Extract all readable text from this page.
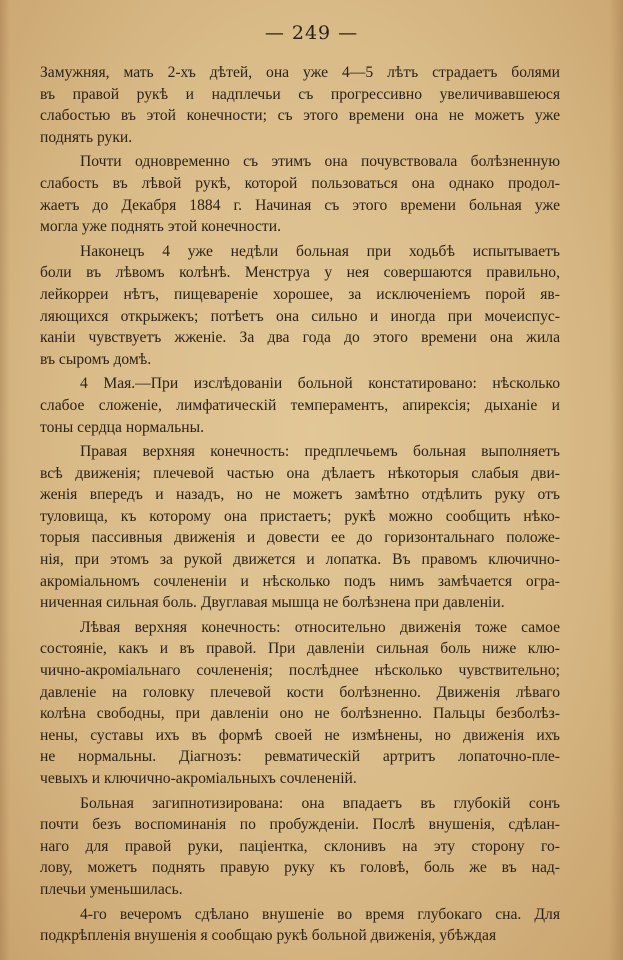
— 249 —
Замужняя, мать 2-хъ дѣтей, она уже 4—5 лѣтъ страдаетъ болями
въ правой рукѣ и надплечьи съ прогрессивно увеличивавшеюся
слабостью въ этой конечности; съ этого времени она не можетъ уже
поднять руки.
Почти одновременно съ этимъ она почувствовала болѣзненную
слабость въ лѣвой рукѣ, которой пользоваться она однако продол-
жаетъ до Декабря 1884 г. Начиная съ этого времени больная уже
могла уже поднять этой конечности.
Наконецъ 4 уже недѣли больная при ходьбѣ испытываетъ
боли въ лѣвомъ колѣнѣ. Менструа у нея совершаются правильно,
лейкорреи нѣтъ, пищевареніе хорошее, за исключеніемъ порой яв-
ляющихся открыжекъ; потѣетъ она сильно и иногда при мочеиспус-
каніи чувствуетъ жженіе. За два года до этого времени она жила
въ сыромъ домѣ.
4 Мая.—При изслѣдованіи больной констатировано: нѣсколько
слабое сложеніе, лимфатическій темпераментъ, апирексія; дыханіе и
тоны сердца нормальны.
Правая верхняя конечность: предплечьемъ больная выполняетъ
всѣ движенія; плечевой частью она дѣлаетъ нѣкоторыя слабыя дви-
женія впередъ и назадъ, но не можетъ замѣтно отдѣлить руку отъ
туловища, къ которому она пристаетъ; рукѣ можно сообщить нѣко-
торыя пассивныя движенія и довести ее до горизонтальнаго положе-
нія, при этомъ за рукой движется и лопатка. Въ правомъ ключично-
акроміальномъ сочлененіи и нѣсколько подъ нимъ замѣчается огра-
ниченная сильная боль. Двуглавая мышца не болѣзнена при давленіи.
Лѣвая верхняя конечность: относительно движенія тоже самое
состояніе, какъ и въ правой. При давленіи сильная боль ниже клю-
чично-акроміальнаго сочлененія; послѣднее нѣсколько чувствительно;
давленіе на головку плечевой кости болѣзненно. Движенія лѣваго
колѣна свободны, при давленіи оно не болѣзненно. Пальцы безболѣз-
нены, суставы ихъ въ формѣ своей не измѣнены, но движенія ихъ
не нормальны. Діагнозъ: ревматическій артритъ лопаточно-пле-
чевыхъ и ключично-акроміальныхъ сочлененій.
Больная загипнотизирована: она впадаетъ въ глубокій сонъ
почти безъ воспоминанія по пробужденіи. Послѣ внушенія, сдѣлан-
наго для правой руки, паціентка, склонивъ на эту сторону го-
лову, можетъ поднять правую руку къ головѣ, боль же въ над-
плечьи уменьшилась.
4-го вечеромъ сдѣлано внушеніе во время глубокаго сна. Для
подкрѣпленія внушенія я сообщаю рукѣ больной движенія, убѣждая
